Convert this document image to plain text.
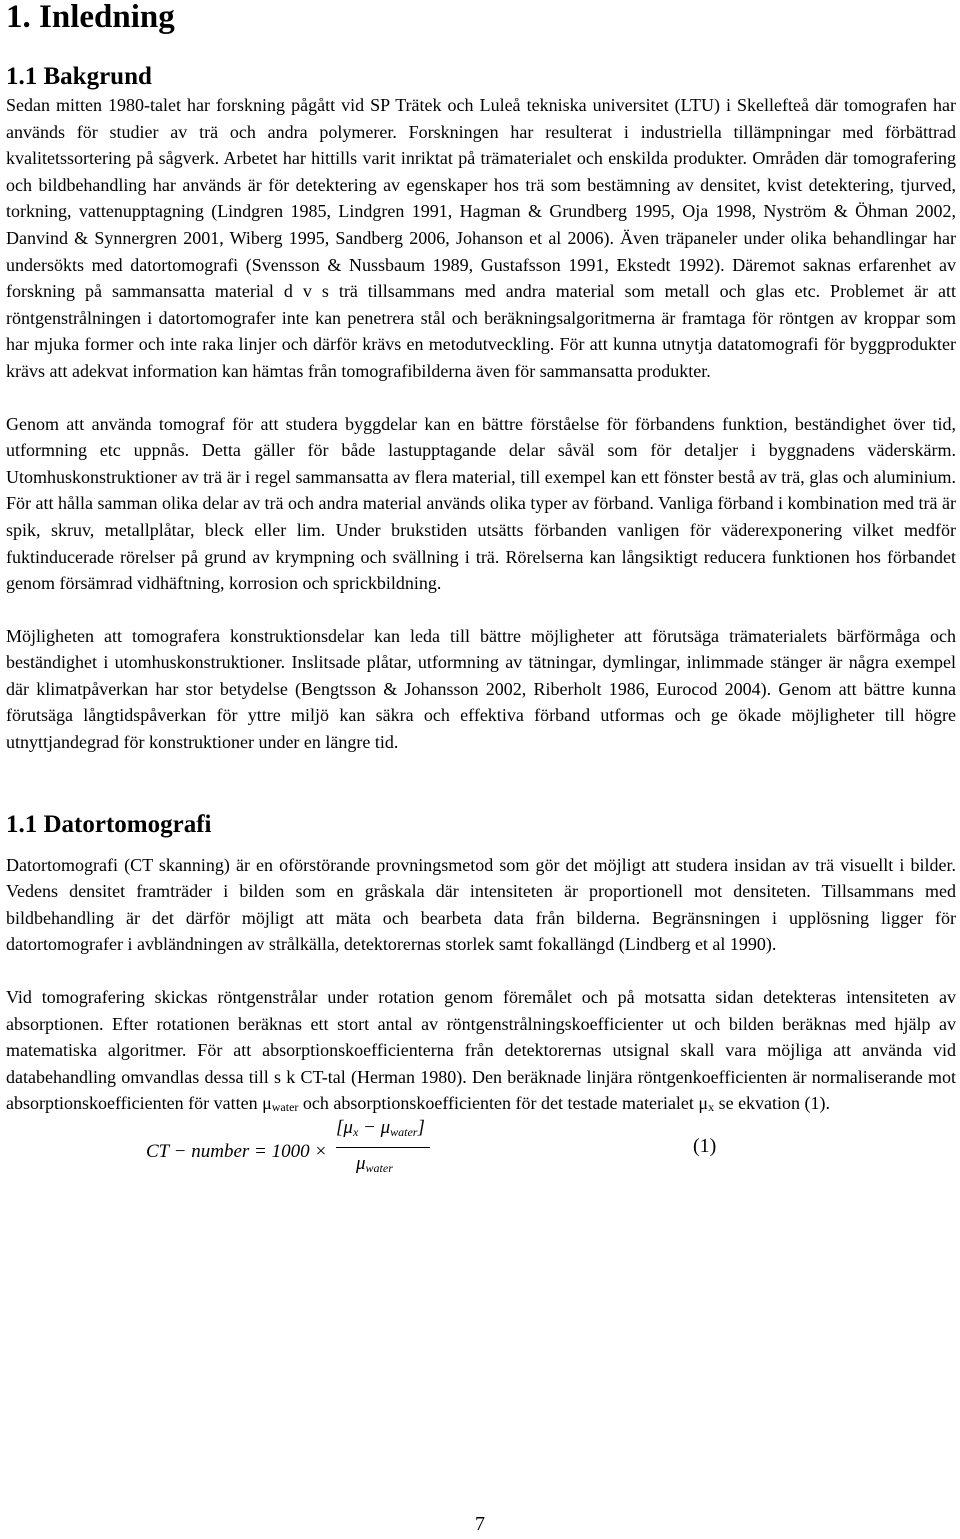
1. Inledning
1.1 Bakgrund

Sedan mitten 1980-talet har forskning pågått vid SP Trätek och Luleå tekniska universitet (LTU) i Skellefteå där tomografen har används för studier av trä och andra polymerer. Forskningen har resulterat i industriella tillämpningar med förbättrad kvalitetssortering på sågverk. Arbetet har hittills varit inriktat på trämaterialet och enskilda produkter. Områden där tomografering och bildbehandling har används är för detektering av egenskaper hos trä som bestämning av densitet, kvist detektering, tjurved, torkning, vattenupptagning (Lindgren 1985, Lindgren 1991, Hagman & Grundberg 1995, Oja 1998, Nyström & Öhman 2002, Danvind & Synnergren 2001, Wiberg 1995, Sandberg 2006, Johanson et al 2006). Även träpaneler under olika behandlingar har undersökts med datortomografi (Svensson & Nussbaum 1989, Gustafsson 1991, Ekstedt 1992). Däremot saknas erfarenhet av forskning på sammansatta material d v s trä tillsammans med andra material som metall och glas etc. Problemet är att röntgenstrålningen i datortomografer inte kan penetrera stål och beräkningsalgoritmerna är framtaga för röntgen av kroppar som har mjuka former och inte raka linjer och därför krävs en metodutveckling. För att kunna utnytja datatomografi för byggprodukter krävs att adekvat information kan hämtas från tomografibilderna även för sammansatta produkter.

Genom att använda tomograf för att studera byggdelar kan en bättre förståelse för förbandens funktion, beständighet över tid, utformning etc uppnås. Detta gäller för både lastupptagande delar såväl som för detaljer i byggnadens väderskärm. Utomhuskonstruktioner av trä är i regel sammansatta av flera material, till exempel kan ett fönster bestå av trä, glas och aluminium. För att hålla samman olika delar av trä och andra material används olika typer av förband. Vanliga förband i kombination med trä är spik, skruv, metallplåtar, bleck eller lim. Under brukstiden utsätts förbanden vanligen för väderexponering vilket medför fuktinducerade rörelser på grund av krympning och svällning i trä. Rörelserna kan långsiktigt reducera funktionen hos förbandet genom försämrad vidhäftning, korrosion och sprickbildning.

Möjligheten att tomografera konstruktionsdelar kan leda till bättre möjligheter att förutsäga trämaterialets bärförmåga och beständighet i utomhuskonstruktioner. Inslitsade plåtar, utformning av tätningar, dymlingar, inlimmade stänger är några exempel där klimatpåverkan har stor betydelse (Bengtsson & Johansson 2002, Riberholt 1986, Eurocod 2004). Genom att bättre kunna förutsäga långtidspåverkan för yttre miljö kan säkra och effektiva förband utformas och ge ökade möjligheter till högre utnyttjandegrad för konstruktioner under en längre tid.

1.1 Datortomografi

Datortomografi (CT skanning) är en oförstörande provningsmetod som gör det möjligt att studera insidan av trä visuellt i bilder. Vedens densitet framträder i bilden som en gråskala där intensiteten är proportionell mot densiteten. Tillsammans med bildbehandling är det därför möjligt att mäta och bearbeta data från bilderna. Begränsningen i upplösning ligger för datortomografer i avbländningen av strålkälla, detektorernas storlek samt fokallängd (Lindberg et al 1990).

Vid tomografering skickas röntgenstrålar under rotation genom föremålet och på motsatta sidan detekteras intensiteten av absorptionen. Efter rotationen beräknas ett stort antal av röntgenstrålningskoefficienter ut och bilden beräknas med hjälp av matematiska algoritmer. För att absorptionskoefficienterna från detektorernas utsignal skall vara möjliga att använda vid databehandling omvandlas dessa till s k CT-tal (Herman 1980). Den beräknade linjära röntgenkoefficienten är normaliserande mot absorptionskoefficienten för vatten $\mu_{water}$ och absorptionskoefficienten för det testade materialet $\mu_x$ se ekvation (1).

CT − number = 1000 ×
$[\mu_x - \mu_{water}]$
$\mu_{water}$
(1)
7
